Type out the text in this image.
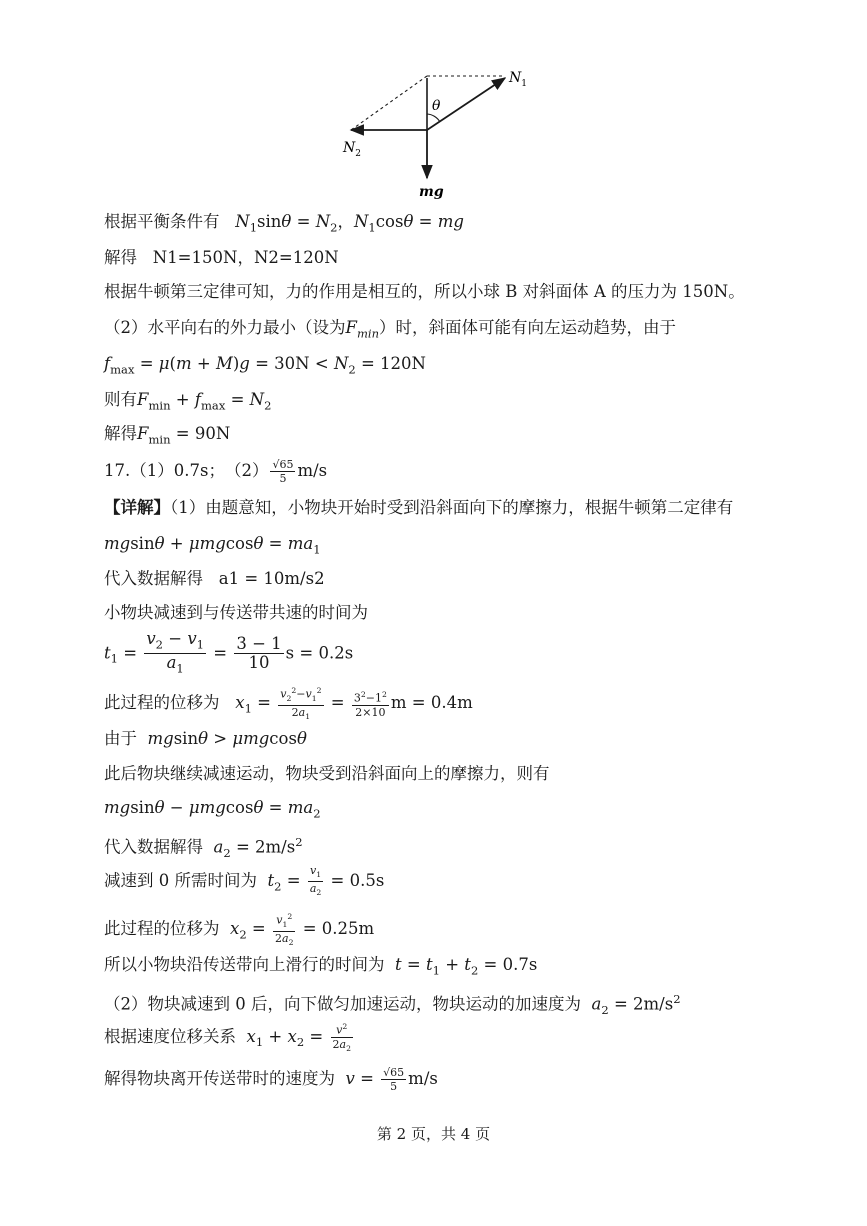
θ
$N_1$
$N_2$
mg
根据平衡条件有 $N_1\sin\theta = N_2$，$N_1\cos\theta$ = mg
解得 N1=150N，N2=120N
根据牛顿第三定律可知，力的作用是相互的，所以小球 B 对斜面体 A 的压力为 150N。
（2）水平向右的外力最小（设为$F_{min}$）时，斜面体可能有向左运动趋势，由于
$f_{max} = \mu(m + M)g = 30N < N_2 = 120N$
则有$F_{min} + f_{max} = N_2$
解得$F_{min} = 90N$
17.（1）0.7s；　$(2) \frac{√65}{5} m/s$
【详解】（1）由题意知，小物块开始时受到沿斜面向下的摩擦力，根据牛顿第二定律有
$mgsin\theta + \mu mgcos\theta = ma_1$
代入数据解得 a1 = 10m/s2
小物块减速到与传送带共速的时间为
$t_1 = \frac{v_2 - v_1}{a_1} = \frac{3 - 1}{10}$ s = 0.2s
此过程的位移为 $x_1 = \frac{v_2^2-v_1^2}{2a_1} = \frac{3^2-1^2}{2\times 10}$ m = 0.4m
由于 mgsinθ > μmgcosθ
此后物块继续减速运动，物块受到沿斜面向上的摩擦力，则有
$mgsin\theta - \mu mgcos\theta = ma_2$
代入数据解得 $a_2 = 2m/s^2$
减速到 0 所需时间为 $t_2 = \frac{v_1}{a_2} = 0.5s$
此过程的位移为 $x_2 = \frac{v_1^2}{2a_2} = 0.25m$
所以小物块沿传送带向上滑行的时间为 $t = t_1 + t_2 = 0.7s$
（2）物块减速到 0 后，向下做匀加速运动，物块运动的加速度为 $a_2 = 2m/s^2$
根据速度位移关系 $x_1 + x_2 = \frac{v^2}{2a_2}$
解得物块离开传送带时的速度为 $v = \frac{√65}{5} m/s$
第 2 页，共 4 页
